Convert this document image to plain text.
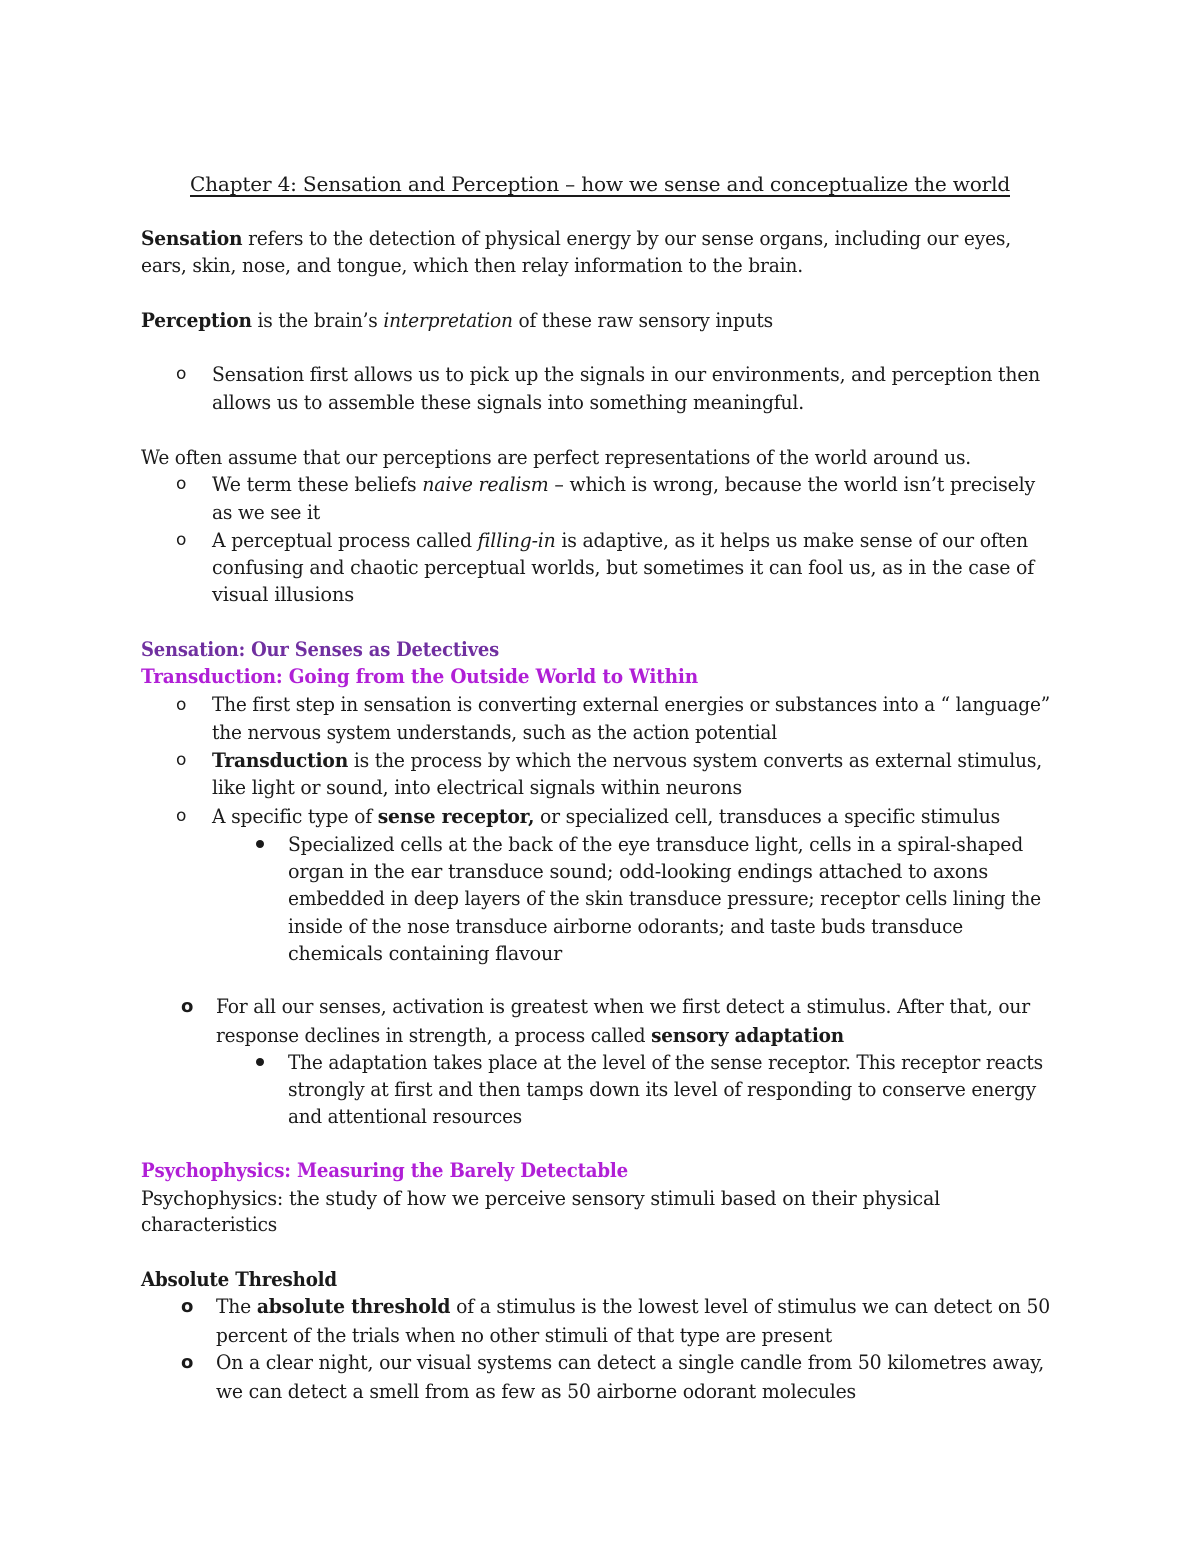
Chapter 4: Sensation and Perception – how we sense and conceptualize the world
Sensation refers to the detection of physical energy by our sense organs, including our eyes,
ears, skin, nose, and tongue, which then relay information to the brain.
Perception is the brain’s interpretation of these raw sensory inputs
o Sensation first allows us to pick up the signals in our environments, and perception then
allows us to assemble these signals into something meaningful.
We often assume that our perceptions are perfect representations of the world around us.
o We term these beliefs naive realism – which is wrong, because the world isn’t precisely
as we see it
o A perceptual process called filling-in is adaptive, as it helps us make sense of our often
confusing and chaotic perceptual worlds, but sometimes it can fool us, as in the case of
visual illusions
Sensation: Our Senses as Detectives
Transduction: Going from the Outside World to Within
o The first step in sensation is converting external energies or substances into a “ language”
the nervous system understands, such as the action potential
o Transduction is the process by which the nervous system converts as external stimulus,
like light or sound, into electrical signals within neurons
o A specific type of sense receptor, or specialized cell, transduces a specific stimulus
Specialized cells at the back of the eye transduce light, cells in a spiral-shaped
organ in the ear transduce sound; odd-looking endings attached to axons
embedded in deep layers of the skin transduce pressure; receptor cells lining the
inside of the nose transduce airborne odorants; and taste buds transduce
chemicals containing flavour
o For all our senses, activation is greatest when we first detect a stimulus. After that, our
response declines in strength, a process called sensory adaptation
The adaptation takes place at the level of the sense receptor. This receptor reacts
strongly at first and then tamps down its level of responding to conserve energy
and attentional resources
Psychophysics: Measuring the Barely Detectable
Psychophysics: the study of how we perceive sensory stimuli based on their physical
characteristics
Absolute Threshold
o The absolute threshold of a stimulus is the lowest level of stimulus we can detect on 50
percent of the trials when no other stimuli of that type are present
o On a clear night, our visual systems can detect a single candle from 50 kilometres away,
we can detect a smell from as few as 50 airborne odorant molecules
